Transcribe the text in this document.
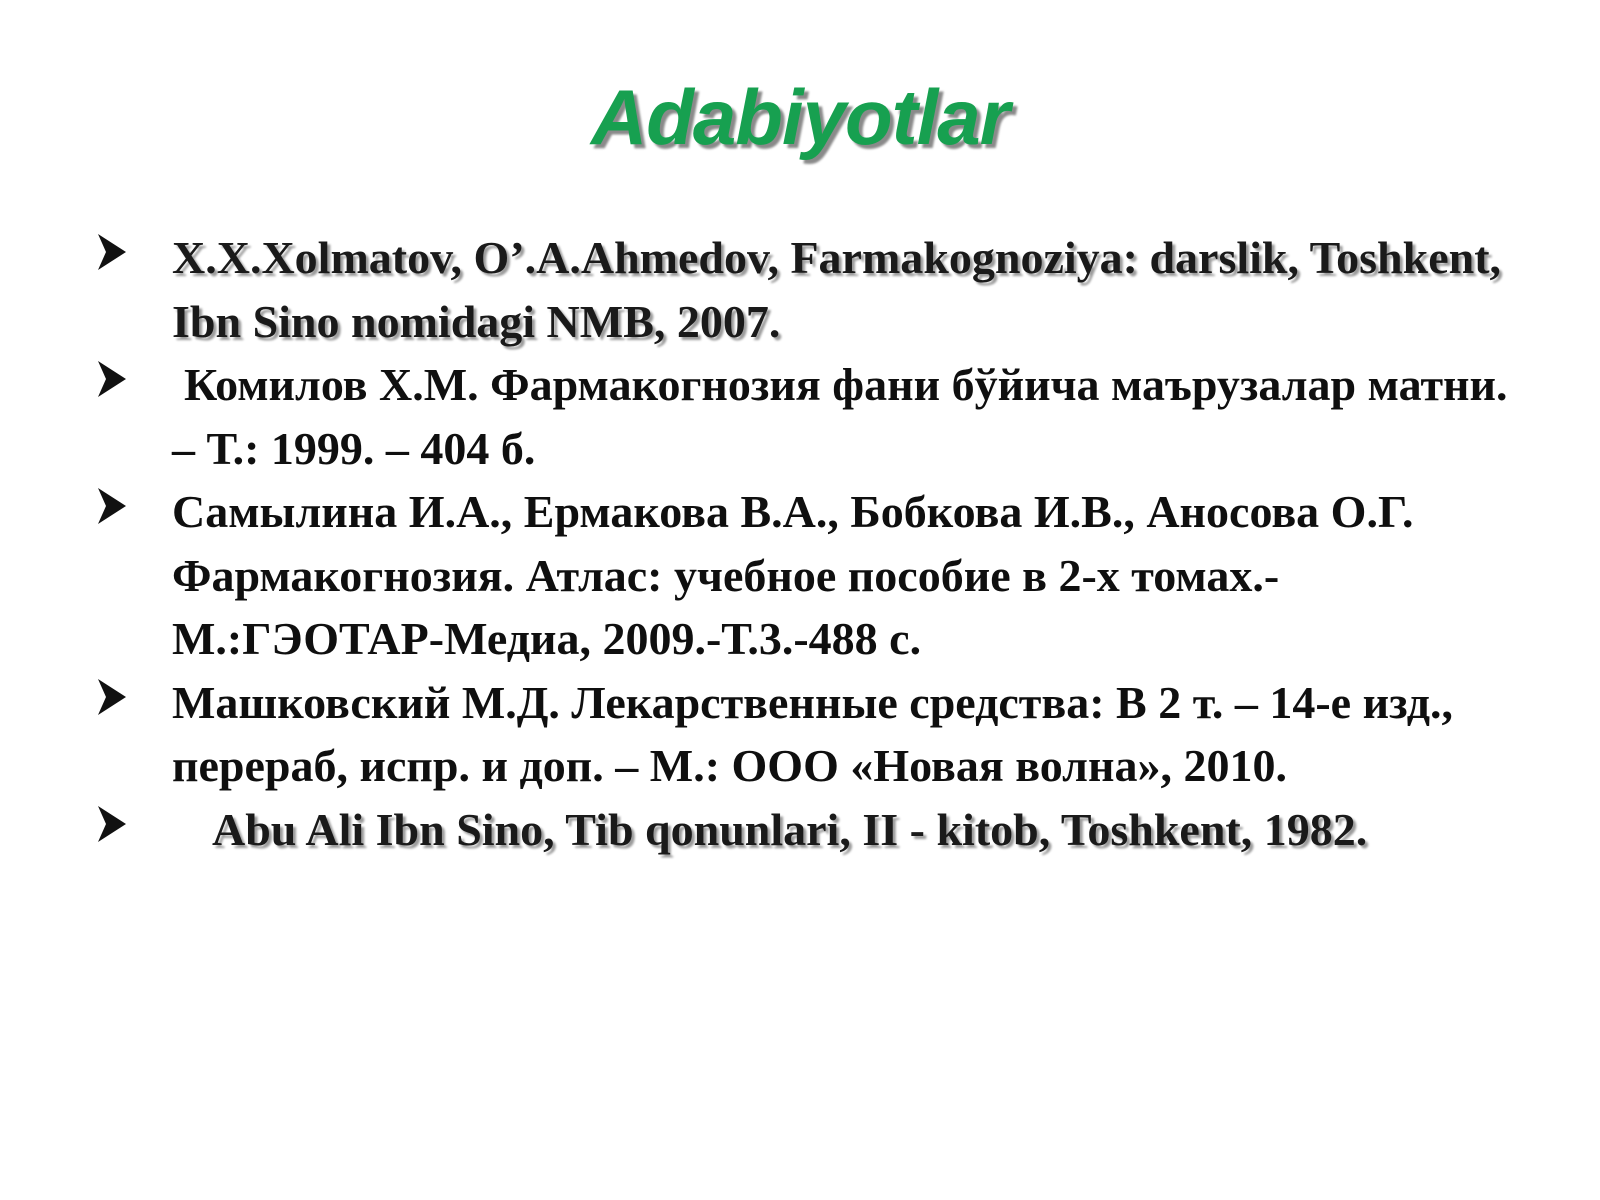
Adabiyotlar
X.X.Xolmatov, O’.A.Ahmedov, Farmakognoziya: darslik, Toshkent, Ibn Sino nomidagi NMB, 2007.
Комилов Х.М. Фармакогнозия фани бўйича маърузалар матни. – Т.: 1999. – 404 б.
Самылина И.А., Ермакова В.А., Бобкова И.В., Аносова О.Г. Фармакогнозия. Атлас: учебное пособие в 2-х томах.-М.:ГЭОТАР-Медиа, 2009.-Т.3.-488 с.
Машковский М.Д. Лекарственные средства: В 2 т. – 14-е изд., перераб, испр. и доп. – М.: ООО «Новая волна», 2010.
Abu Ali Ibn Sino, Tib qonunlari, II - kitob, Toshkent, 1982.
